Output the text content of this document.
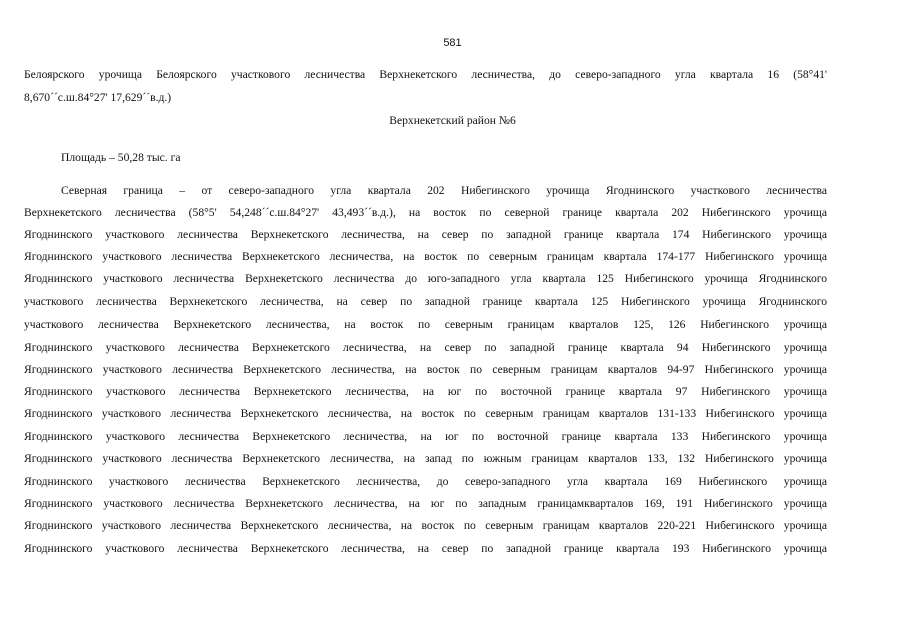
581
Белоярского урочища Белоярского участкового лесничества Верхнекетского лесничества, до северо-западного угла квартала 16 (58°41'
8,670´´с.ш.84°27' 17,629´´в.д.)
Верхнекетский район №6
Площадь – 50,28 тыс. га
Северная граница – от северо-западного угла квартала 202 Нибегинского урочища Ягоднинского участкового лесничества
Верхнекетского лесничества (58°5' 54,248´´с.ш.84°27' 43,493´´в.д.), на восток по северной границе квартала 202 Нибегинского урочища
Ягоднинского участкового лесничества Верхнекетского лесничества, на север по западной границе квартала 174 Нибегинского урочища
Ягоднинского участкового лесничества Верхнекетского лесничества, на восток по северным границам квартала 174-177 Нибегинского урочища
Ягоднинского участкового лесничества Верхнекетского лесничества до юго-западного угла квартала 125 Нибегинского урочища Ягоднинского
участкового лесничества Верхнекетского лесничества, на север по западной границе квартала 125 Нибегинского урочища Ягоднинского
участкового лесничества Верхнекетского лесничества, на восток по северным границам кварталов 125, 126 Нибегинского урочища
Ягоднинского участкового лесничества Верхнекетского лесничества, на север по западной границе квартала 94 Нибегинского урочища
Ягоднинского участкового лесничества Верхнекетского лесничества, на восток по северным границам кварталов 94-97 Нибегинского урочища
Ягоднинского участкового лесничества Верхнекетского лесничества, на юг по восточной границе квартала 97 Нибегинского урочища
Ягоднинского участкового лесничества Верхнекетского лесничества, на восток по северным границам кварталов 131-133 Нибегинского урочища
Ягоднинского участкового лесничества Верхнекетского лесничества, на юг по восточной границе квартала 133 Нибегинского урочища
Ягоднинского участкового лесничества Верхнекетского лесничества, на запад по южным границам кварталов 133, 132 Нибегинского урочища
Ягоднинского участкового лесничества Верхнекетского лесничества, до северо-западного угла квартала 169 Нибегинского урочища
Ягоднинского участкового лесничества Верхнекетского лесничества, на юг по западным границамкварталов 169, 191 Нибегинского урочища
Ягоднинского участкового лесничества Верхнекетского лесничества, на восток по северным границам кварталов 220-221 Нибегинского урочища
Ягоднинского участкового лесничества Верхнекетского лесничества, на север по западной границе квартала 193 Нибегинского урочища
